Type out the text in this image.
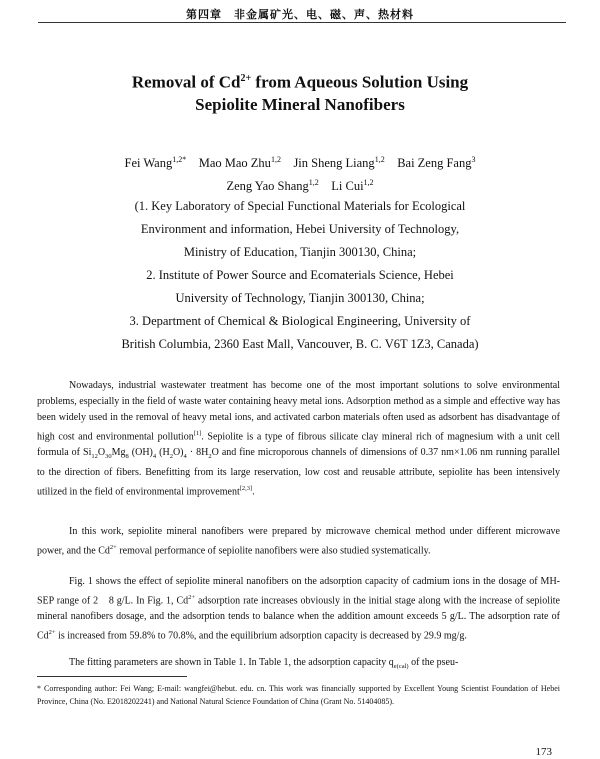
第四章　非金属矿光、电、磁、声、热材料
Removal of $Cd^{2+}$ from Aqueous Solution Using
Sepiolite Mineral Nanofibers
Fei Wang$^{1,2*}$ Mao Mao Zhu$^{1,2}$ Jin Sheng Liang$^{1,2}$ Bai Zeng Fang$^3$
Zeng Yao Shang$^{1,2}$ Li Cui$^{1,2}$
(1. Key Laboratory of Special Functional Materials for Ecological
Environment and information, Hebei University of Technology,
Ministry of Education, Tianjin 300130, China;
2. Institute of Power Source and Ecomaterials Science, Hebei
University of Technology, Tianjin 300130, China;
3. Department of Chemical & Biological Engineering, University of
British Columbia, 2360 East Mall, Vancouver, B. C. V6T 1Z3, Canada)
Nowadays, industrial wastewater treatment has become one of the most important solutions to solve environmental problems, especially in the field of waste water containing heavy metal ions. Adsorption method as a simple and effective way has been widely used in the removal of heavy metal ions, and activated carbon materials often used as adsorbent has disadvantage of high cost and environmental pollution[1]. Sepiolite is a type of fibrous silicate clay mineral rich of magnesium with a unit cell formula of $Si_{12}O_{30}Mg_8$ $(OH)_4$ $(H_2O)_4 \cdot 8H_2O$ and fine microporous channels of dimensions of 0.37 nm×1.06 nm running parallel to the direction of fibers. Benefitting from its large reservation, low cost and reusable attribute, sepiolite has been intensively utilized in the field of environmental improvement[2,3].
In this work, sepiolite mineral nanofibers were prepared by microwave chemical method under different microwave power, and the $Cd^{2+}$ removal performance of sepiolite nanofibers were also studied systematically.
Fig. 1 shows the effect of sepiolite mineral nanofibers on the adsorption capacity of cadmium ions in the dosage of MH-SEP range of 2　8 g/L. In Fig. 1, $Cd^{2+}$ adsorption rate increases obviously in the initial stage along with the increase of sepiolite mineral nanofibers dosage, and the adsorption tends to balance when the addition amount exceeds 5 g/L. The adsorption rate of $Cd^{2+}$ is increased from 59.8% to 70.8%, and the equilibrium adsorption capacity is decreased by 29.9 mg/g.
The fitting parameters are shown in Table 1. In Table 1, the adsorption capacity $q_{e(cal)}$ of the pseu-
* Corresponding author: Fei Wang; E-mail: wangfei@hebut. edu. cn. This work was financially supported by Excellent Young Scientist Foundation of Hebei Province, China (No. E2018202241) and National Natural Science Foundation of China (Grant No. 51404085).
173
